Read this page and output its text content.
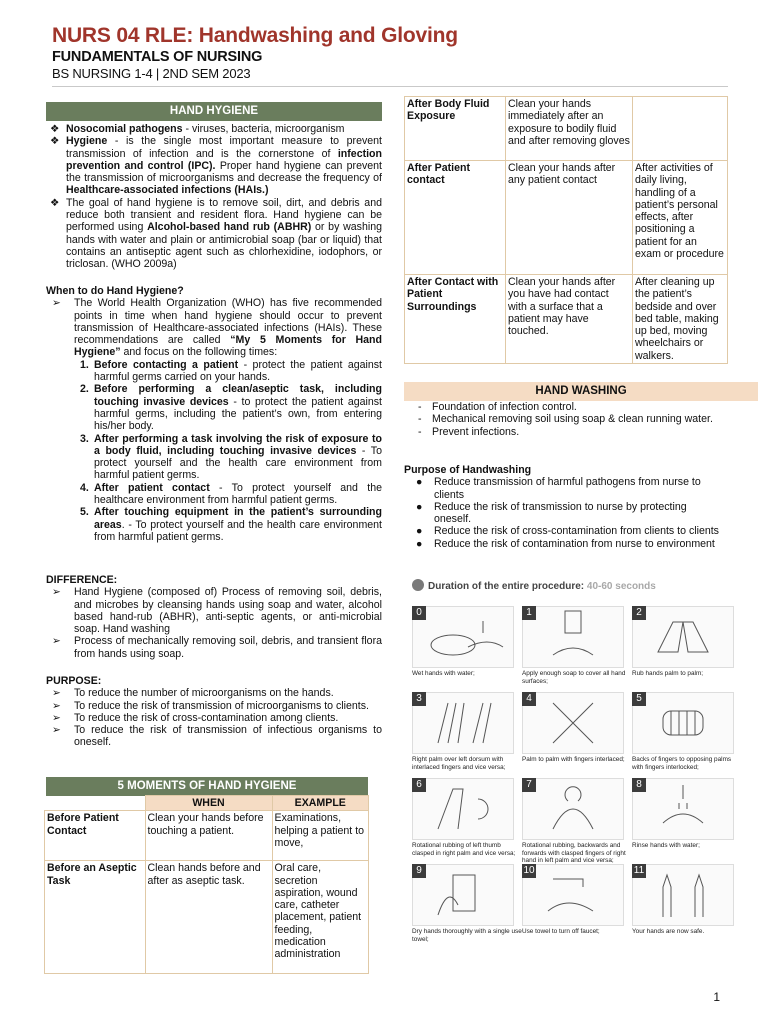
NURS 04 RLE: Handwashing and Gloving
FUNDAMENTALS OF NURSING
BS NURSING 1-4 | 2ND SEM 2023
HAND HYGIENE

❖ Nosocomial pathogens - viruses, bacteria, microorganism

❖ Hygiene - is the single most important measure to prevent transmission of infection and is the cornerstone of infection prevention and control (IPC). Proper hand hygiene can prevent the transmission of microorganisms and decrease the frequency of Healthcare-associated infections (HAIs.)

❖ The goal of hand hygiene is to remove soil, dirt, and debris and reduce both transient and resident flora. Hand hygiene can be performed using Alcohol-based hand rub (ABHR) or by washing hands with water and plain or antimicrobial soap (bar or liquid) that contains an antiseptic agent such as chlorhexidine, iodophors, or triclosan. (WHO 2009a)

When to do Hand Hygiene?

➢ The World Health Organization (WHO) has five recommended points in time when hand hygiene should occur to prevent transmission of Healthcare-associated infections (HAIs). These recommendations are called “My 5 Moments for Hand Hygiene” and focus on the following times:

1. Before contacting a patient - protect the patient against harmful germs carried on your hands.

2. Before performing a clean/aseptic task, including touching invasive devices - to protect the patient against harmful germs, including the patient’s own, from entering his/her body.

3. After performing a task involving the risk of exposure to a body fluid, including touching invasive devices - To protect yourself and the health care environment from harmful patient germs.

4. After patient contact - To protect yourself and the healthcare environment from harmful patient germs.

5. After touching equipment in the patient’s surrounding areas. - To protect yourself and the health care environment from harmful patient germs.

DIFFERENCE:

➢ Hand Hygiene (composed of) Process of removing soil, debris, and microbes by cleansing hands using soap and water, alcohol based hand-rub (ABHR), anti-septic agents, or anti-microbial soap. Hand washing

➢ Process of mechanically removing soil, debris, and transient flora from hands using soap.

PURPOSE:

➢ To reduce the number of microorganisms on the hands.

➢ To reduce the risk of transmission of microorganisms to clients.

➢ To reduce the risk of cross-contamination among clients.

➢ To reduce the risk of transmission of infectious organisms to oneself.

5 MOMENTS OF HAND HYGIENE
	WHEN	EXAMPLE
Before Patient Contact	Clean your hands before touching a patient.	Examinations, helping a patient to move,
Before an Aseptic Task	Clean hands before and after as aseptic task.	Oral care, secretion aspiration, wound care, catheter placement, patient feeding, medication administration
After Body Fluid Exposure	Clean your hands immediately after an exposure to bodily fluid and after removing gloves	
After Patient contact	Clean your hands after any patient contact	After activities of daily living, handling of a patient’s personal effects, after positioning a patient for an exam or procedure
After Contact with Patient Surroundings	Clean your hands after you have had contact with a surface that a patient may have touched.	After cleaning up the patient’s bedside and over bed table, making up bed, moving wheelchairs or walkers.
HAND WASHING

- Foundation of infection control.

- Mechanical removing soil using soap & clean running water.

- Prevent infections.

Purpose of Handwashing

● Reduce transmission of harmful pathogens from nurse to clients

● Reduce the risk of transmission to nurse by protecting oneself.

● Reduce the risk of cross-contamination from clients to clients

● Reduce the risk of contamination from nurse to environment

Duration of the entire procedure: 40-60 seconds
0
Wet hands with water;
1
Apply enough soap to cover all hand surfaces;
2
Rub hands palm to palm;
3
Right palm over left dorsum with interlaced fingers and vice versa;
4
Palm to palm with fingers interlaced;
5
Backs of fingers to opposing palms with fingers interlocked;
6
Rotational rubbing of left thumb clasped in right palm and vice versa;
7
Rotational rubbing, backwards and forwards with clasped fingers of right hand in left palm and vice versa;
8
Rinse hands with water;
9
Dry hands thoroughly with a single use towel;
10
Use towel to turn off faucet;
11
Your hands are now safe.
1
